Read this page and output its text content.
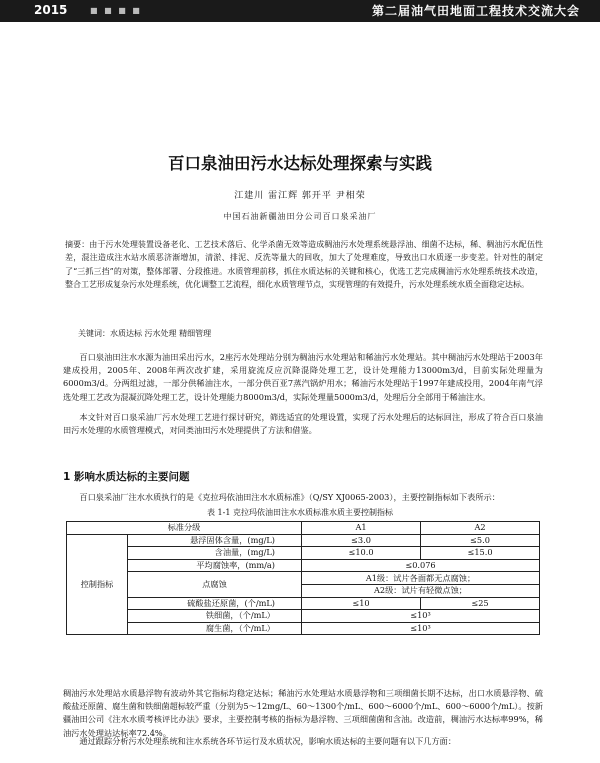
2015	■ ■ ■ ■	第二届油气田地面工程技术交流大会
百口泉油田污水达标处理探索与实践
江建川 雷江辉 郭开平 尹相荣
中国石油新疆油田分公司百口泉采油厂
摘要：由于污水处理装置设备老化、工艺技术落后、化学杀菌无效等造成稠油污水处理系统悬浮油、细菌不达标，稀、稠油污水配伍性差，混注造成注水站水质恶济渐增加，清淤、排泥、反洗等量大的回收，加大了处理难度，导致出口水质逐一步变差。针对性的制定了“三抓三挡”的对策，整体部署、分段推进。水质管理前移，抓住水质达标的关键和核心，优选工艺完成稠油污水处理系统技术改造，整合工艺形成复杂污水处理系统，优化调整工艺流程，细化水质管理节点，实现管理的有效提升，污水处理系统水质全面稳定达标。
关键词：水质达标 污水处理 精细管理
百口泉油田注水水源为油田采出污水，2座污水处理站分别为稠油污水处理站和稀油污水处理站。其中稠油污水处理站于2003年建成投用，2005年、2008年两次改扩建，采用旋流反应沉降混降处理工艺，设计处理能力13000m3/d，目前实际处理量为6000m3/d。分两组过滤，一部分供稀油注水，一部分供百亚7蒸汽锅炉用水；稀油污水处理站于1997年建成投用，2004年南气浮选处理工艺改为混凝沉降处理工艺，设计处理能力8000m3/d，实际处理量5000m3/d，处理后分全部用于稀油注水。
本文针对百口泉采油厂污水处理工艺进行探讨研究，筛选适宜的处理设置，实现了污水处理后的达标回注，形成了符合百口泉油田污水处理的水质管理模式，对同类油田污水处理提供了方法和借鉴。
1 影响水质达标的主要问题
百口泉采油厂注水水质执行的是《克拉玛依油田注水水质标准》（Q/SY XJ0065-2003），主要控制指标如下表所示：
表 1-1 克拉玛依油田注水水质标准水质主要控制指标
标准分级		A1	A2
控制指标	悬浮固体含量，(mg/L)	≤3.0	≤5.0
	含油量，(mg/L)	≤10.0	≤15.0
	平均腐蚀率，(mm/a)	≤0.076	
	点腐蚀	A1级：试片各面都无点腐蚀；	
		A2级：试片有轻微点蚀；	
	硫酸盐还原菌，(个/mL)	≤10	≤25
	铁细菌，（个/mL）	≤10³	
	腐生菌，（个/mL）	≤10³	
稠油污水处理站水质悬浮物有波动外其它指标均稳定达标；稀油污水处理站水质悬浮物和三项细菌长期不达标，出口水质悬浮物、硫酸盐还原菌、腐生菌和铁细菌超标较严重（分别为5～12mg/L、60～1300个/mL、600～6000个/mL、600～6000个/mL）。按新疆油田公司《注水水质考核评比办法》要求，主要控制考核的指标为悬浮物、三项细菌菌和含油。改造前，稠油污水达标率99%，稀油污水处理站达标率72.4%。
通过跟踪分析污水处理系统和注水系统各环节运行及水质状况，影响水质达标的主要问题有以下几方面：
